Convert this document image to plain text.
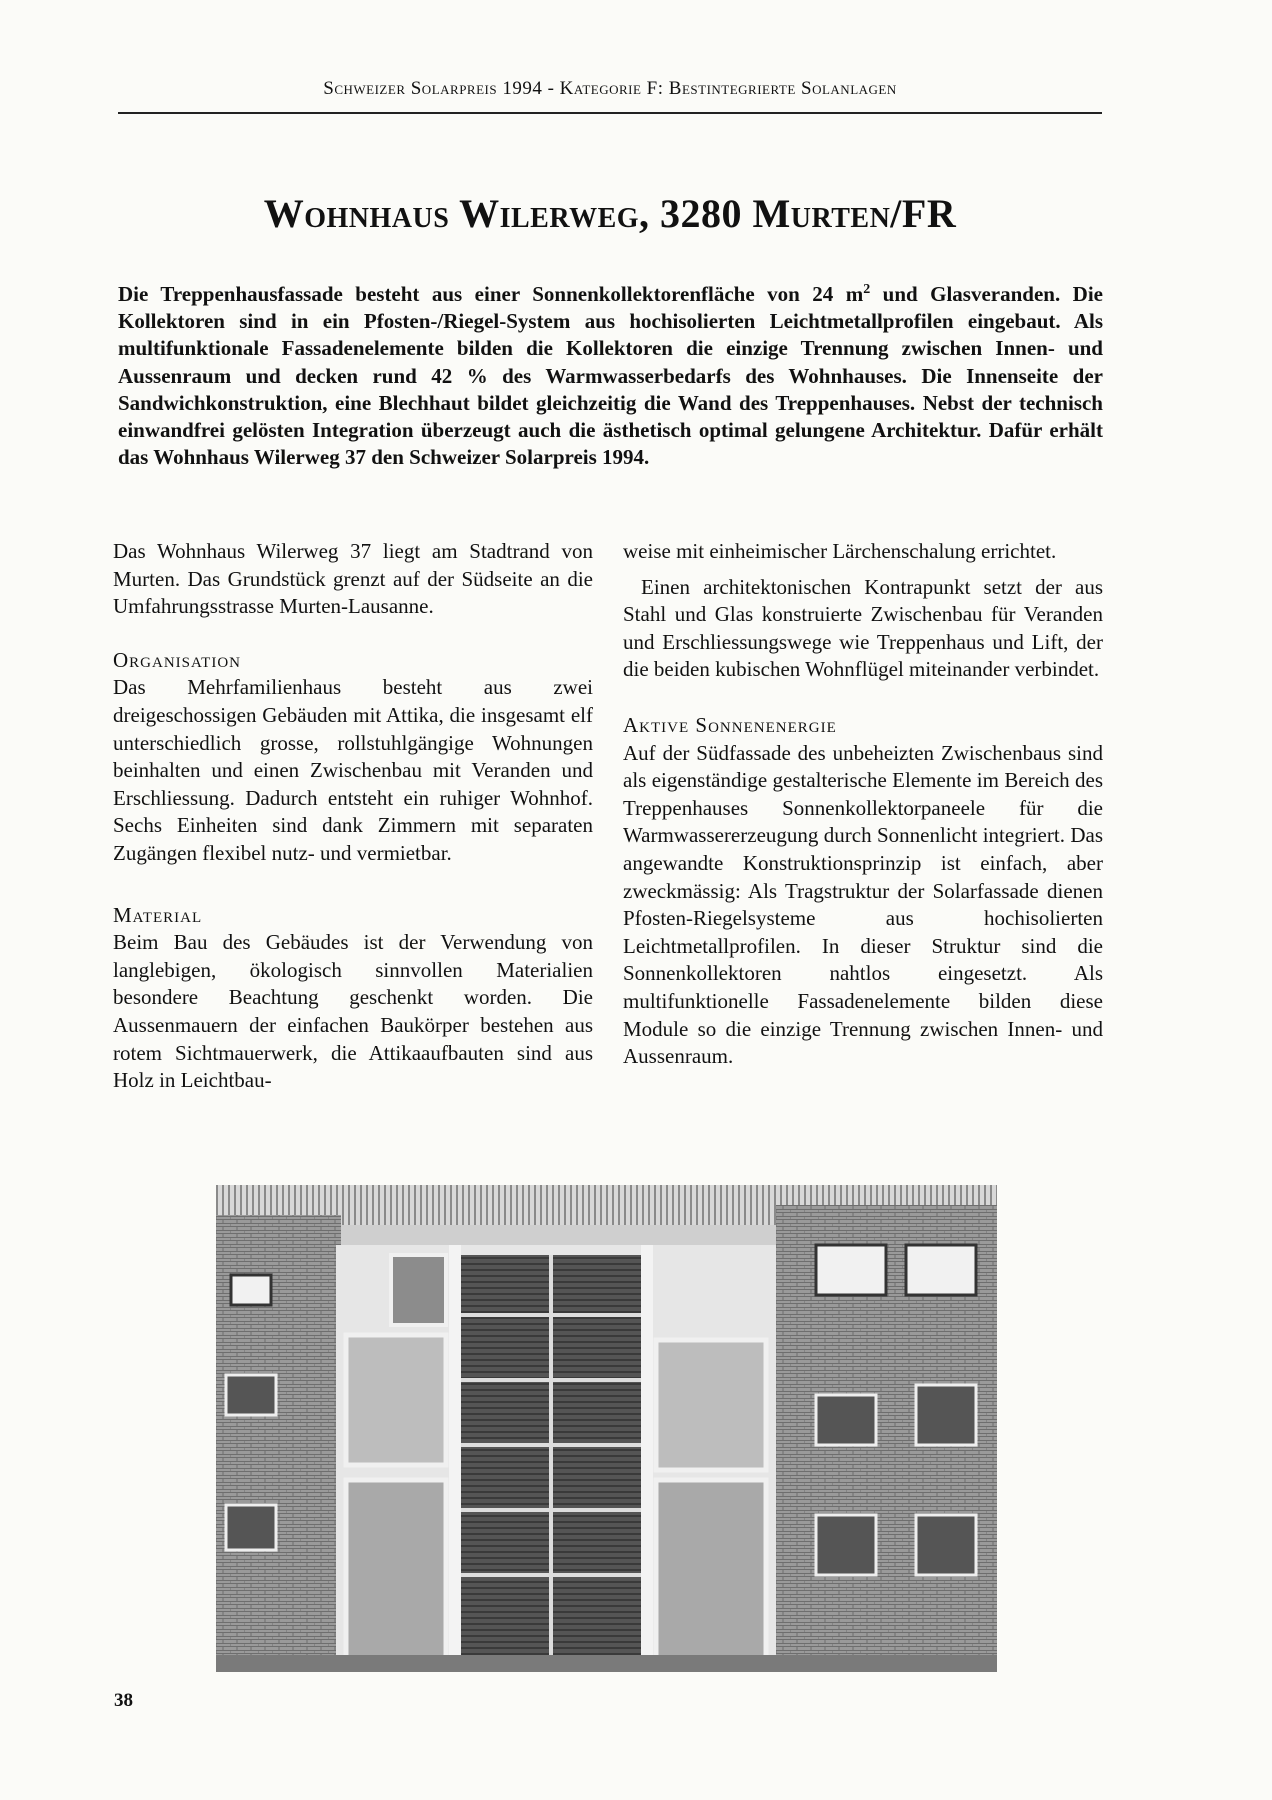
Schweizer Solarpreis 1994 - Kategorie F: Bestintegrierte Solanlagen
Wohnhaus Wilerweg, 3280 Murten/FR

Die Treppenhausfassade besteht aus einer Sonnenkollektorenfläche von 24 $m^2$ und Glasveranden. Die Kollektoren sind in ein Pfosten-/Riegel-System aus hochisolierten Leichtmetallprofilen eingebaut. Als multifunktionale Fassadenelemente bilden die Kollektoren die einzige Trennung zwischen Innen- und Aussenraum und decken rund 42 % des Warmwasserbedarfs des Wohnhauses. Die Innenseite der Sandwichkonstruktion, eine Blechhaut bildet gleichzeitig die Wand des Treppenhauses. Nebst der technisch einwandfrei gelösten Integration überzeugt auch die ästhetisch optimal gelungene Architektur. Dafür erhält das Wohnhaus Wilerweg 37 den Schweizer Solarpreis 1994.

Das Wohnhaus Wilerweg 37 liegt am Stadtrand von Murten. Das Grundstück grenzt auf der Südseite an die Umfahrungsstrasse Murten-Lausanne.

Organisation

Das Mehrfamilienhaus besteht aus zwei dreigeschossigen Gebäuden mit Attika, die insgesamt elf unterschiedlich grosse, rollstuhlgängige Wohnungen beinhalten und einen Zwischenbau mit Veranden und Erschliessung. Dadurch entsteht ein ruhiger Wohnhof. Sechs Einheiten sind dank Zimmern mit separaten Zugängen flexibel nutz- und vermietbar.

Material

Beim Bau des Gebäudes ist der Verwendung von langlebigen, ökologisch sinnvollen Materialien besondere Beachtung geschenkt worden. Die Aussenmauern der einfachen Baukörper bestehen aus rotem Sichtmauerwerk, die Attikaaufbauten sind aus Holz in Leichtbau-

weise mit einheimischer Lärchenschalung errichtet.

Einen architektonischen Kontrapunkt setzt der aus Stahl und Glas konstruierte Zwischenbau für Veranden und Erschliessungswege wie Treppenhaus und Lift, der die beiden kubischen Wohnflügel miteinander verbindet.

Aktive Sonnenenergie

Auf der Südfassade des unbeheizten Zwischenbaus sind als eigenständige gestalterische Elemente im Bereich des Treppenhauses Sonnenkollektorpaneele für die Warmwassererzeugung durch Sonnenlicht integriert. Das angewandte Konstruktionsprinzip ist einfach, aber zweckmässig: Als Tragstruktur der Solarfassade dienen Pfosten-Riegelsysteme aus hochisolierten Leichtmetallprofilen. In dieser Struktur sind die Sonnenkollektoren nahtlos eingesetzt. Als multifunktionelle Fassadenelemente bilden diese Module so die einzige Trennung zwischen Innen- und Aussenraum.

38
